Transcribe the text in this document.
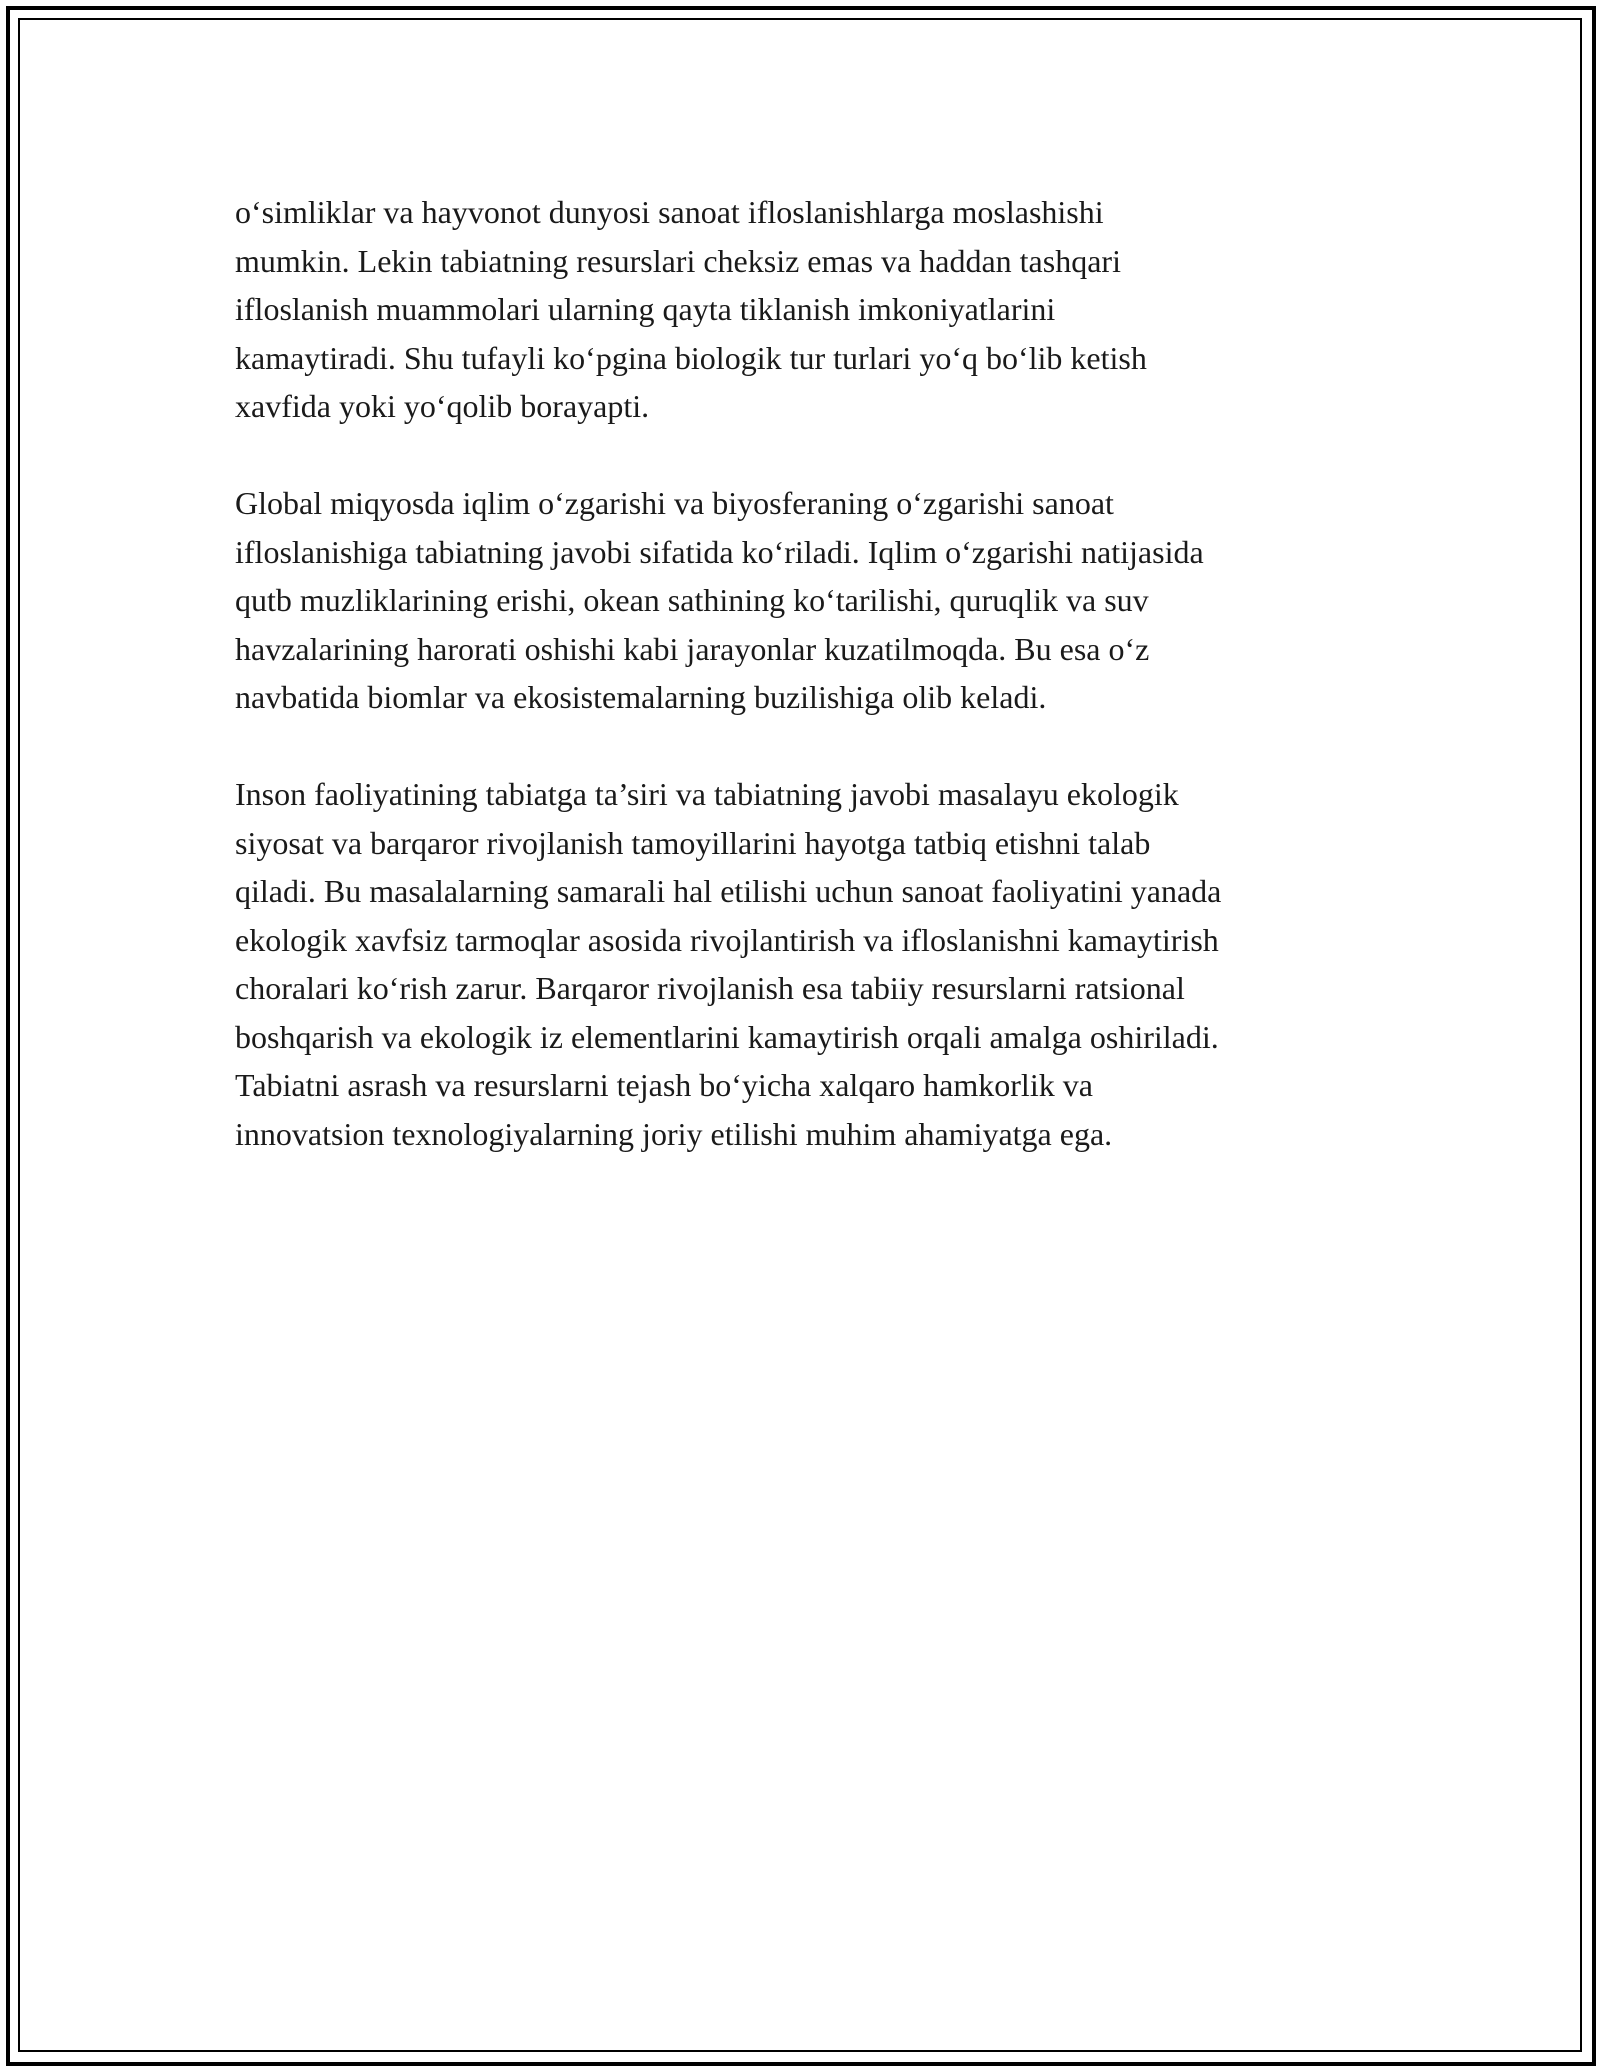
o‘simliklar va hayvonot dunyosi sanoat ifloslanishlarga moslashishi
mumkin. Lekin tabiatning resurslari cheksiz emas va haddan tashqari
ifloslanish muammolari ularning qayta tiklanish imkoniyatlarini
kamaytiradi. Shu tufayli ko‘pgina biologik tur turlari yo‘q bo‘lib ketish
xavfida yoki yo‘qolib borayapti.

Global miqyosda iqlim o‘zgarishi va biyosferaning o‘zgarishi sanoat
ifloslanishiga tabiatning javobi sifatida ko‘riladi. Iqlim o‘zgarishi natijasida
qutb muzliklarining erishi, okean sathining ko‘tarilishi, quruqlik va suv
havzalarining harorati oshishi kabi jarayonlar kuzatilmoqda. Bu esa o‘z
navbatida biomlar va ekosistemalarning buzilishiga olib keladi.

Inson faoliyatining tabiatga ta’siri va tabiatning javobi masalayu ekologik
siyosat va barqaror rivojlanish tamoyillarini hayotga tatbiq etishni talab
qiladi. Bu masalalarning samarali hal etilishi uchun sanoat faoliyatini yanada
ekologik xavfsiz tarmoqlar asosida rivojlantirish va ifloslanishni kamaytirish
choralari ko‘rish zarur. Barqaror rivojlanish esa tabiiy resurslarni ratsional
boshqarish va ekologik iz elementlarini kamaytirish orqali amalga oshiriladi.
Tabiatni asrash va resurslarni tejash bo‘yicha xalqaro hamkorlik va
innovatsion texnologiyalarning joriy etilishi muhim ahamiyatga ega.
